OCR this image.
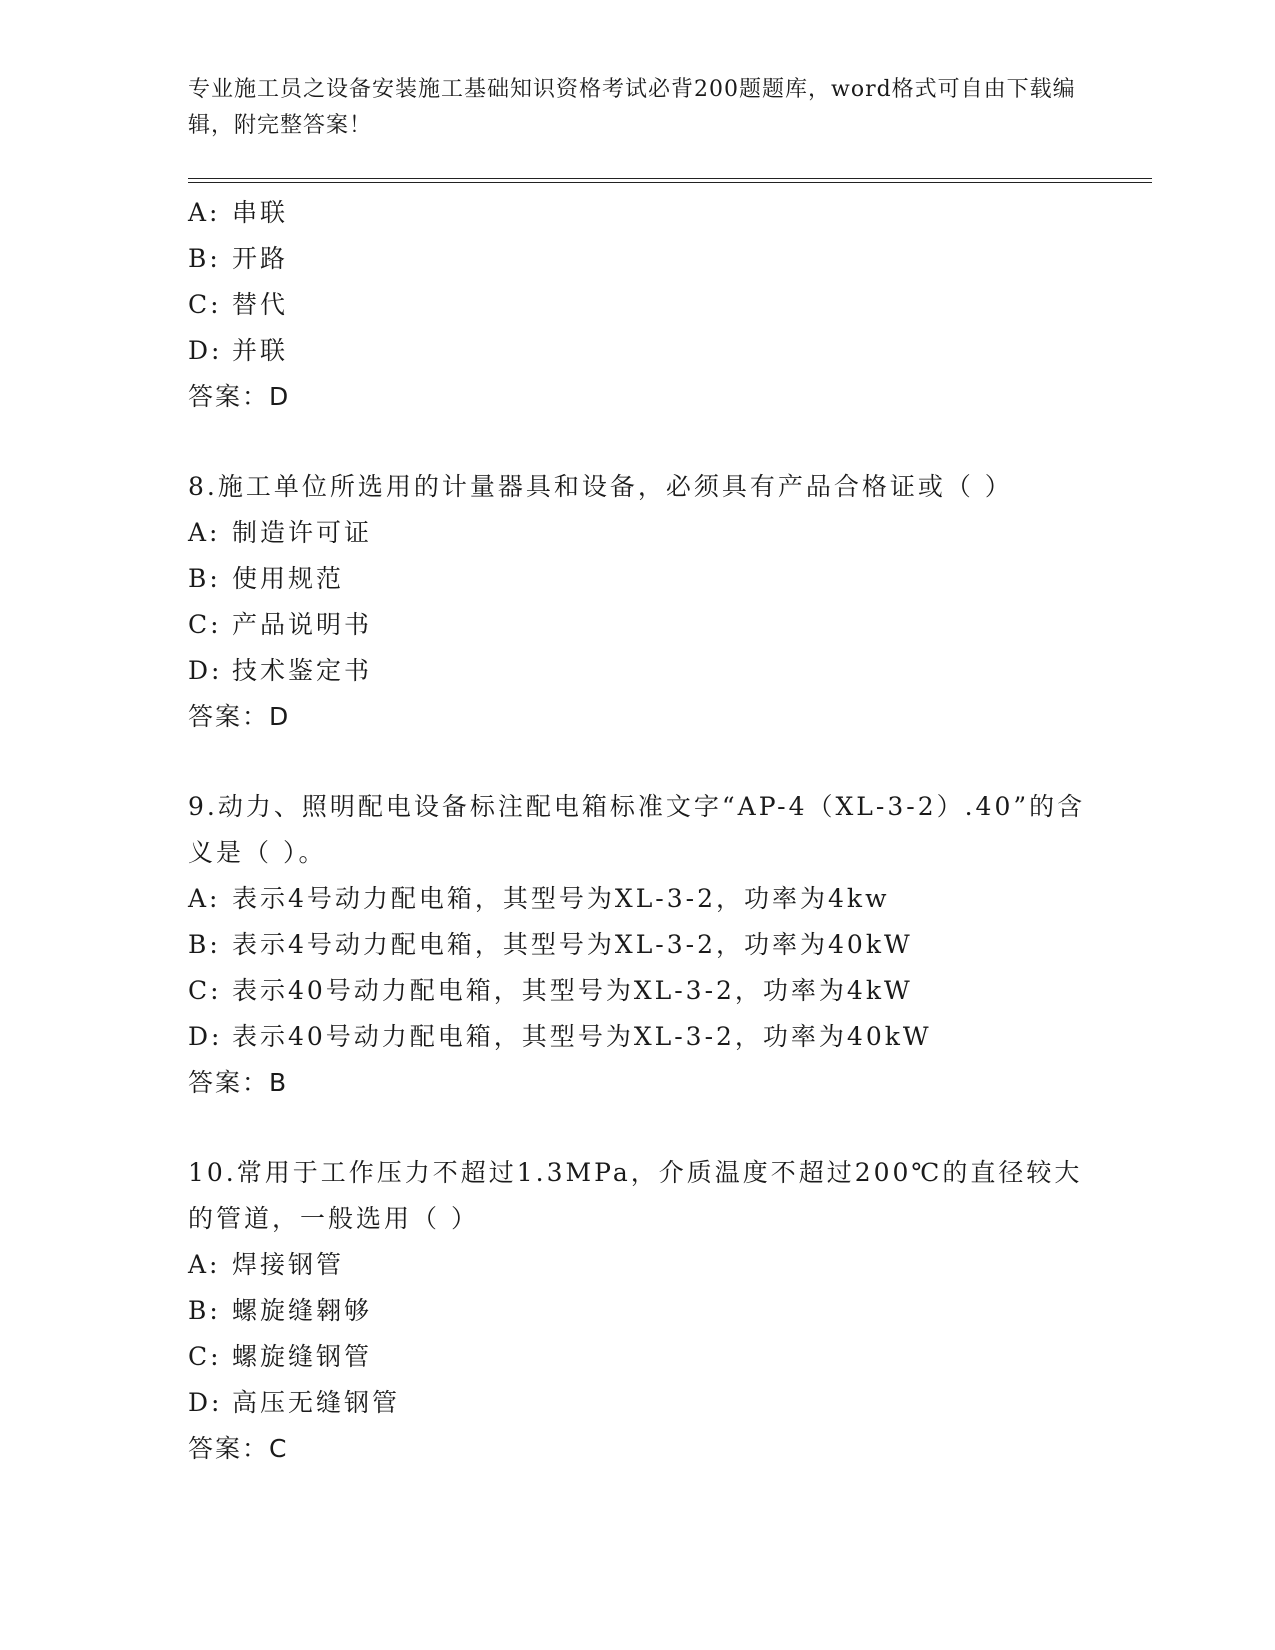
专业施工员之设备安装施工基础知识资格考试必背200题题库，word格式可自由下载编辑，附完整答案！
A: 串联
B: 开路
C: 替代
D: 并联
答案：D
8.施工单位所选用的计量器具和设备，必须具有产品合格证或（ ）
A: 制造许可证
B: 使用规范
C: 产品说明书
D: 技术鉴定书
答案：D
9.动力、照明配电设备标注配电箱标准文字“AP-4（XL-3-2）.40”的含义是（ ）。
A: 表示4号动力配电箱，其型号为XL-3-2，功率为4kw
B: 表示4号动力配电箱，其型号为XL-3-2，功率为40kW
C: 表示40号动力配电箱，其型号为XL-3-2，功率为4kW
D: 表示40号动力配电箱，其型号为XL-3-2，功率为40kW
答案：B
10.常用于工作压力不超过1.3MPa，介质温度不超过200℃的直径较大的管道，一般选用（ ）
A: 焊接钢管
B: 螺旋缝翱够
C: 螺旋缝钢管
D: 高压无缝钢管
答案：C
